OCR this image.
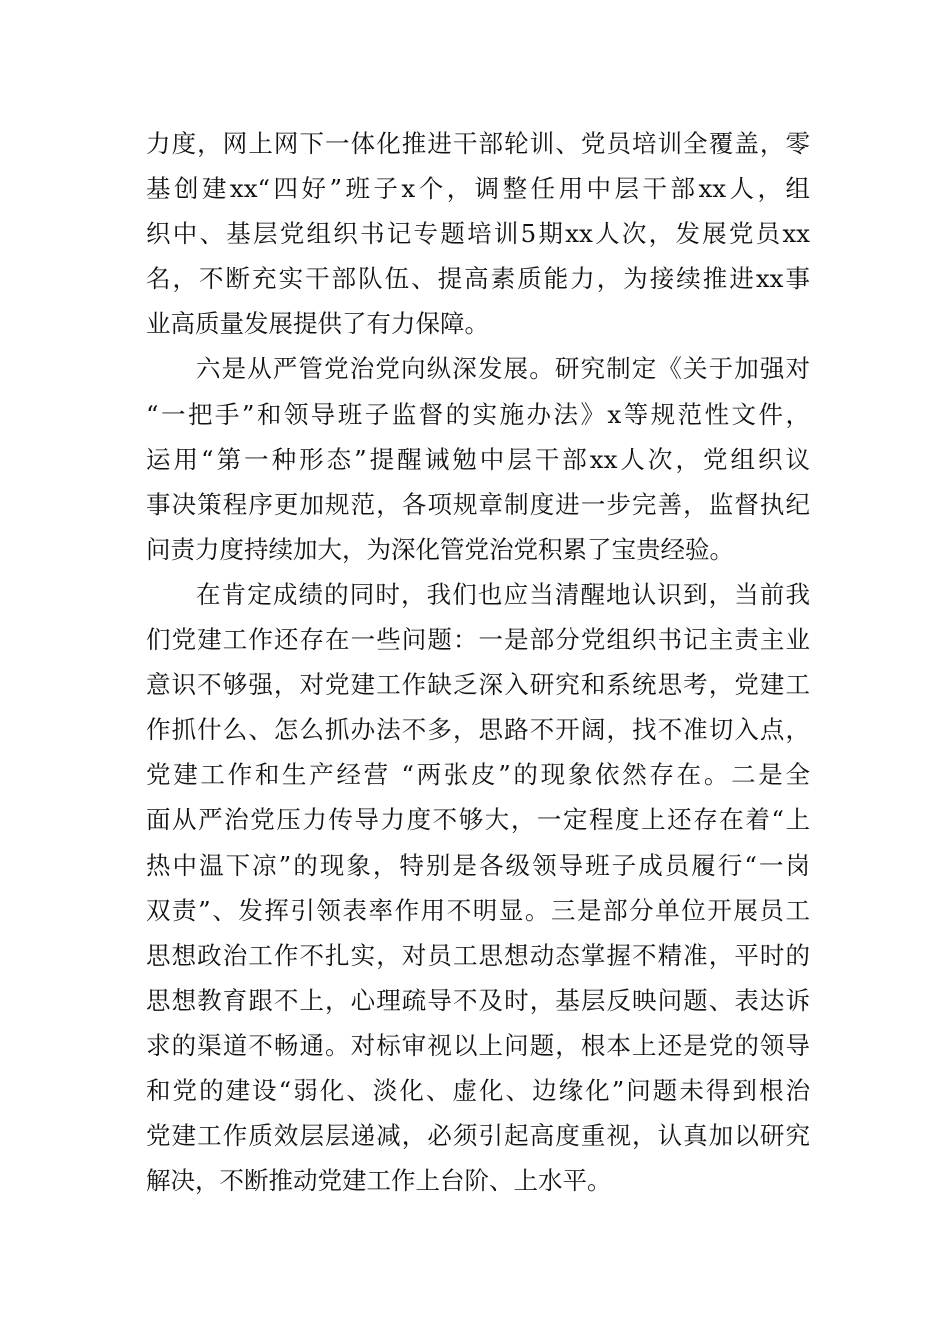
力度，网上网下一体化推进干部轮训、党员培训全覆盖，零
基创建xx“四好”班子x个，调整任用中层干部xx人，组
织中、基层党组织书记专题培训5期xx人次，发展党员xx
名，不断充实干部队伍、提高素质能力，为接续推进xx事
业高质量发展提供了有力保障。
六是从严管党治党向纵深发展。研究制定《关于加强对
“一把手”和领导班子监督的实施办法》x等规范性文件，
运用“第一种形态”提醒诫勉中层干部xx人次，党组织议
事决策程序更加规范，各项规章制度进一步完善，监督执纪
问责力度持续加大，为深化管党治党积累了宝贵经验。
在肯定成绩的同时，我们也应当清醒地认识到，当前我
们党建工作还存在一些问题：一是部分党组织书记主责主业
意识不够强，对党建工作缺乏深入研究和系统思考，党建工
作抓什么、怎么抓办法不多，思路不开阔，找不准切入点，
党建工作和生产经营 “两张皮”的现象依然存在。二是全
面从严治党压力传导力度不够大，一定程度上还存在着“上
热中温下凉”的现象，特别是各级领导班子成员履行“一岗
双责”、发挥引领表率作用不明显。三是部分单位开展员工
思想政治工作不扎实，对员工思想动态掌握不精准，平时的
思想教育跟不上，心理疏导不及时，基层反映问题、表达诉
求的渠道不畅通。对标审视以上问题，根本上还是党的领导
和党的建设“弱化、淡化、虚化、边缘化”问题未得到根治
党建工作质效层层递减，必须引起高度重视，认真加以研究
解决，不断推动党建工作上台阶、上水平。
